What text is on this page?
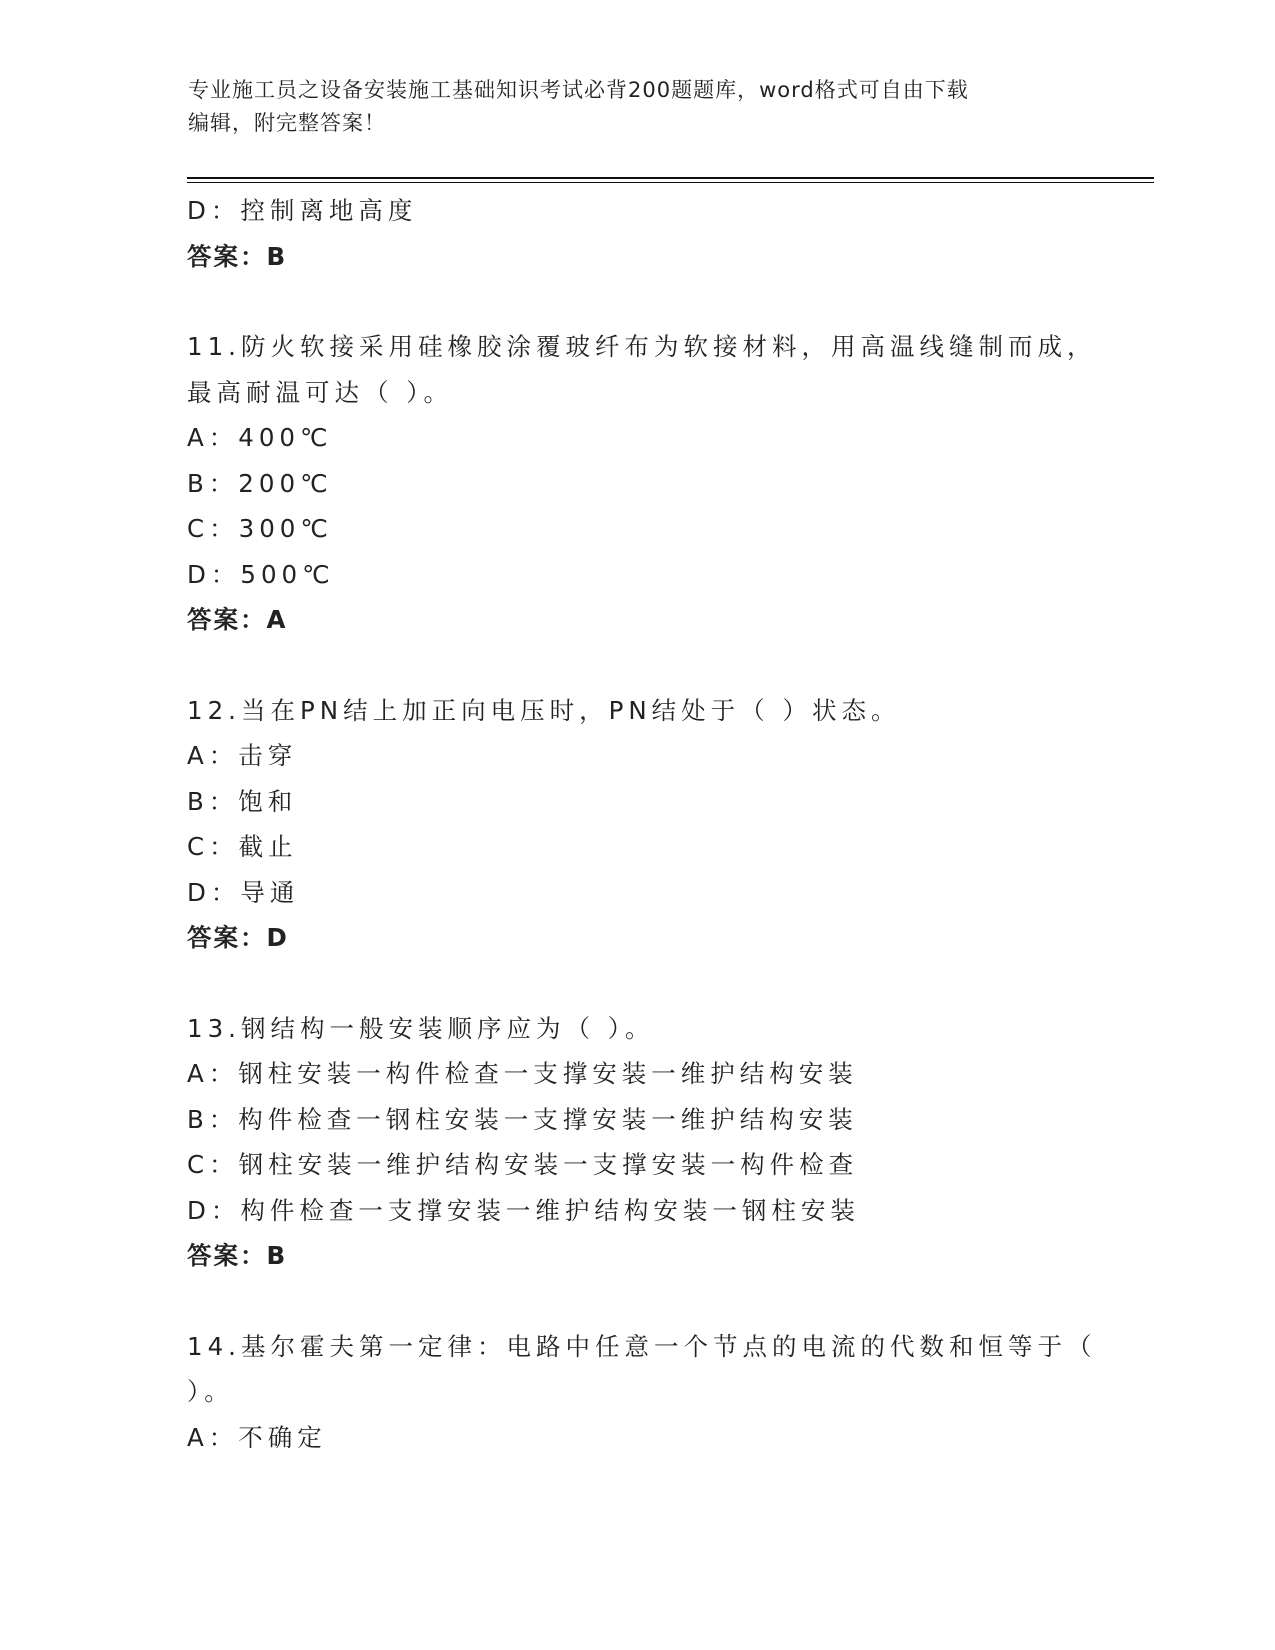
专业施工员之设备安装施工基础知识考试必背200题题库，word格式可自由下载
编辑，附完整答案！
D：控制离地高度
答案：B
11.防火软接采用硅橡胶涂覆玻纤布为软接材料，用高温线缝制而成，
最高耐温可达（ ）。
A：400℃
B：200℃
C：300℃
D：500℃
答案：A
12.当在PN结上加正向电压时，PN结处于（ ）状态。
A：击穿
B：饱和
C：截止
D：导通
答案：D
13.钢结构一般安装顺序应为（ ）。
A：钢柱安装一构件检查一支撑安装一维护结构安装
B：构件检查一钢柱安装一支撑安装一维护结构安装
C：钢柱安装一维护结构安装一支撑安装一构件检查
D：构件检查一支撑安装一维护结构安装一钢柱安装
答案：B
14.基尔霍夫第一定律：电路中任意一个节点的电流的代数和恒等于（
）。
A：不确定
